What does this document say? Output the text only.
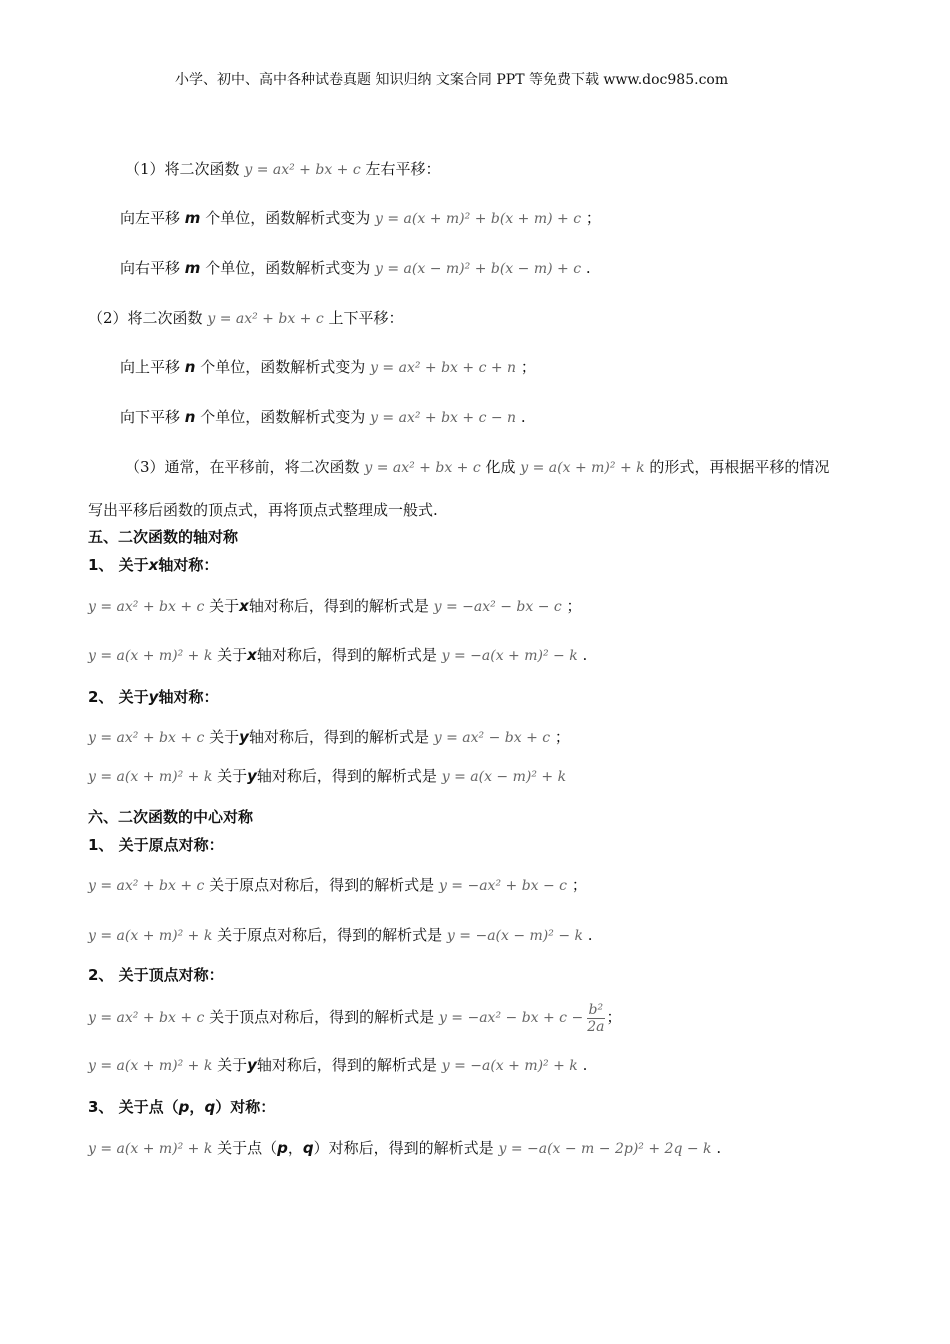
小学、初中、高中各种试卷真题 知识归纳 文案合同 PPT 等免费下载 www.doc985.com
（1）将二次函数 y = ax² + bx + c 左右平移：
向左平移 m 个单位，函数解析式变为 y = a(x + m)² + b(x + m) + c ；
向右平移 m 个单位，函数解析式变为 y = a(x − m)² + b(x − m) + c .
（2）将二次函数 y = ax² + bx + c 上下平移：
向上平移 n 个单位，函数解析式变为 y = ax² + bx + c + n ；
向下平移 n 个单位，函数解析式变为 y = ax² + bx + c − n .
（3）通常，在平移前，将二次函数 y = ax² + bx + c 化成 y = a(x + m)² + k 的形式，再根据平移的情况
写出平移后函数的顶点式，再将顶点式整理成一般式.
五、二次函数的轴对称
1、 关于x轴对称：
y = ax² + bx + c 关于x轴对称后，得到的解析式是 y = −ax² − bx − c ；
y = a(x + m)² + k 关于x轴对称后，得到的解析式是 y = −a(x + m)² − k .
2、 关于y轴对称：
y = ax² + bx + c 关于y轴对称后，得到的解析式是 y = ax² − bx + c ；
y = a(x + m)² + k 关于y轴对称后，得到的解析式是 y = a(x − m)² + k
六、二次函数的中心对称
1、 关于原点对称：
y = ax² + bx + c 关于原点对称后，得到的解析式是 y = −ax² + bx − c ；
y = a(x + m)² + k 关于原点对称后，得到的解析式是 y = −a(x − m)² − k .
2、 关于顶点对称：
y = ax² + bx + c 关于顶点对称后，得到的解析式是 y = −ax² − bx + $c - \frac{\text{b²}}{2a}$ ；
y = a(x + m)² + k 关于y轴对称后，得到的解析式是 y = −a(x + m)² + k .
3、 关于点（p，q）对称：
y = a(x + m)² + k 关于点（p，q）对称后，得到的解析式是 y = −a(x − m − 2p)² + 2q − k .
